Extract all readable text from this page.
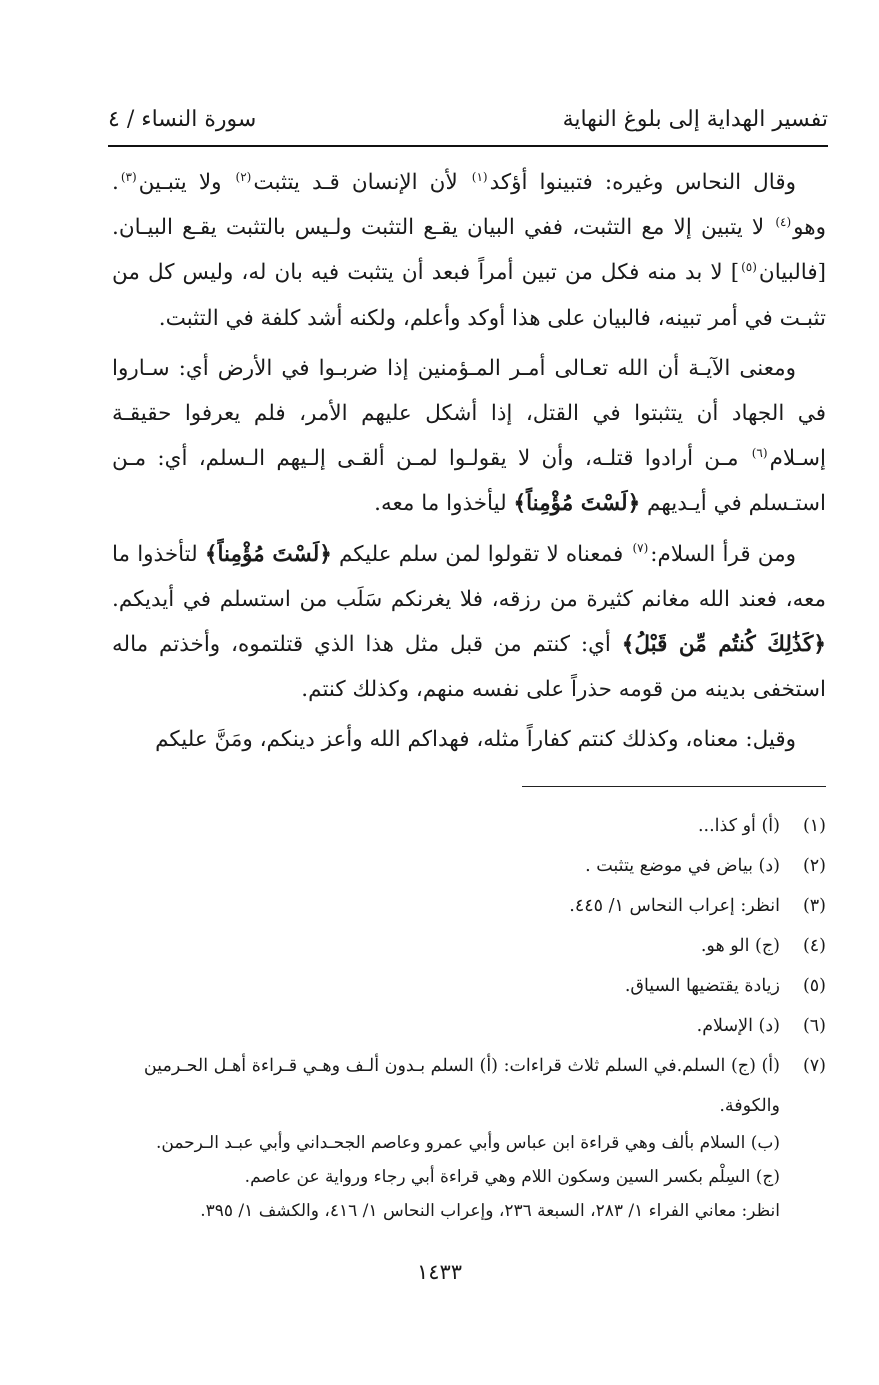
تفسير الهداية إلى بلوغ النهاية
سورة النساء / ٤

وقال النحاس وغيره: فتبينوا أؤكد$^{(١)}$ لأن الإنسان قـد يتثبت$^{(٢)}$ ولا يتبـين$^{(٣)}$. وهو$^{(٤)}$ لا يتبين إلا مع التثبت، ففي البيان يقـع التثبت ولـيس بالتثبت يقـع البيـان. [فالبيان$^{(٥)}$] لا بد منه فكل من تبين أمراً فبعد أن يتثبت فيه بان له، وليس كل من تثبـت في أمر تبينه، فالبيان على هذا أوكد وأعلم، ولكنه أشد كلفة في التثبت.

ومعنى الآيـة أن الله تعـالى أمـر المـؤمنين إذا ضربـوا في الأرض أي: سـاروا في الجهاد أن يتثبتوا في القتل، إذا أشكل عليهم الأمر، فلم يعرفوا حقيقـة إسـلام$^{(٦)}$ مـن أرادوا قتلـه، وأن لا يقولـوا لمـن ألقـى إلـيهم الـسلم، أي: مـن استـسلم في أيـديهم ﴿لَسْتَ مُؤْمِناً﴾ ليأخذوا ما معه.

ومن قرأ السلام:$^{(٧)}$ فمعناه لا تقولوا لمن سلم عليكم ﴿لَسْتَ مُؤْمِناً﴾ لتأخذوا ما معه، فعند الله مغانم كثيرة من رزقه، فلا يغرنكم سَلَب من استسلم في أيديكم. ﴿كَذَٰلِكَ كُنتُم مِّن قَبْلُ﴾ أي: كنتم من قبل مثل هذا الذي قتلتموه، وأخذتم ماله استخفى بدينه من قومه حذراً على نفسه منهم، وكذلك كنتم.

وقيل: معناه، وكذلك كنتم كفاراً مثله، فهداكم الله وأعز دينكم، ومَنَّ عليكم

(١)
(أ) أو كذا...
(٢)
(د) بياض في موضع يتثبت .
(٣)
انظر: إعراب النحاس ١/ ٤٤٥.
(٤)
(ج) الو هو.
(٥)
زيادة يقتضيها السياق.
(٦)
(د) الإسلام.
(٧)
(أ) (ج) السلم.في السلم ثلاث قراءات: (أ) السلم بـدون ألـف وهـي قـراءة أهـل الحـرمين والكوفة.
(ب) السلام بألف وهي قراءة ابن عباس وأبي عمرو وعاصم الجحـداني وأبي عبـد الـرحمن.
(ج) السِلْم بكسر السين وسكون اللام وهي قراءة أبي رجاء ورواية عن عاصم.
انظر: معاني الفراء ١/ ٢٨٣، السبعة ٢٣٦، وإعراب النحاس ١/ ٤١٦، والكشف ١/ ٣٩٥.
١٤٣٣
